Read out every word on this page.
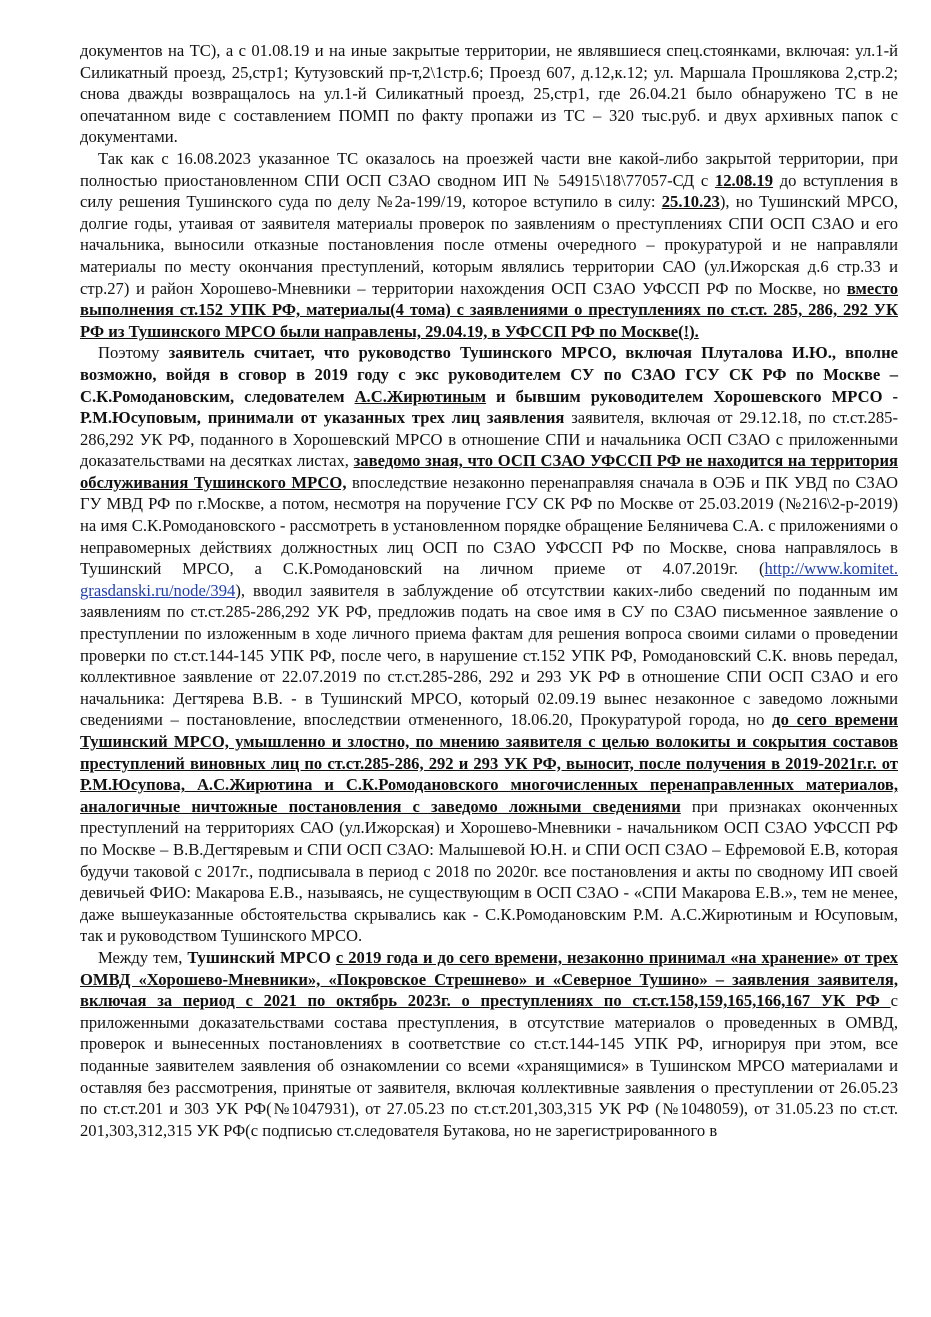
документов на ТС), а с 01.08.19 и на иные закрытые территории, не являвшиеся спец.стоянками, включая: ул.1-й Силикатный проезд, 25,стр1; Кутузовский пр-т,2\1стр.6; Проезд 607, д.12,к.12; ул. Маршала Прошлякова 2,стр.2; снова дважды возвращалось на ул.1-й Силикатный проезд, 25,стр1, где 26.04.21 было обнаружено ТС в не опечатанном виде с составлением ПОМП по факту пропажи из ТС – 320 тыс.руб. и двух архивных папок с документами.

Так как с 16.08.2023 указанное ТС оказалось на проезжей части вне какой-либо закрытой территории, при полностью приостановленном СПИ ОСП СЗАО сводном ИП № 54915\18\77057-СД с 12.08.19 до вступления в силу решения Тушинского суда по делу №2а-199/19, которое вступило в силу: 25.10.23), но Тушинский МРСО, долгие годы, утаивая от заявителя материалы проверок по заявлениям о преступлениях СПИ ОСП СЗАО и его начальника, выносили отказные постановления после отмены очередного – прокуратурой и не направляли материалы по месту окончания преступлений, которым являлись территории САО (ул.Ижорская д.6 стр.33 и стр.27) и район Хорошево-Мневники – территории нахождения ОСП СЗАО УФССП РФ по Москве, но вместо выполнения ст.152 УПК РФ, материалы(4 тома) с заявлениями о преступлениях по ст.ст. 285, 286, 292 УК РФ из Тушинского МРСО были направлены, 29.04.19, в УФССП РФ по Москве(!).

Поэтому заявитель считает, что руководство Тушинского МРСО, включая Плуталова И.Ю., вполне возможно, войдя в сговор в 2019 году с экс руководителем СУ по СЗАО ГСУ СК РФ по Москве – С.К.Ромодановским, следователем А.С.Жирютиным и бывшим руководителем Хорошевского МРСО - Р.М.Юсуповым, принимали от указанных трех лиц заявления заявителя, включая от 29.12.18, по ст.ст.285-286,292 УК РФ, поданного в Хорошевский МРСО в отношение СПИ и начальника ОСП СЗАО с приложенными доказательствами на десятках листах, заведомо зная, что ОСП СЗАО УФССП РФ не находится на территория обслуживания Тушинского МРСО, впоследствие незаконно перенаправляя сначала в ОЭБ и ПК УВД по СЗАО ГУ МВД РФ по г.Москве, а потом, несмотря на поручение ГСУ СК РФ по Москве от 25.03.2019 (№216\2-р-2019) на имя С.К.Ромодановского - рассмотреть в установленном порядке обращение Беляничева С.А. с приложениями о неправомерных действиях должностных лиц ОСП по СЗАО УФССП РФ по Москве, снова направлялось в Тушинский МРСО, а С.К.Ромодановский на личном приеме от 4.07.2019г. (http://www.komitet. grasdanski.ru/node/394), вводил заявителя в заблуждение об отсутствии каких-либо сведений по поданным им заявлениям по ст.ст.285-286,292 УК РФ, предложив подать на свое имя в СУ по СЗАО письменное заявление о преступлении по изложенным в ходе личного приема фактам для решения вопроса своими силами о проведении проверки по ст.ст.144-145 УПК РФ, после чего, в нарушение ст.152 УПК РФ, Ромодановский С.К. вновь передал, коллективное заявление от 22.07.2019 по ст.ст.285-286, 292 и 293 УК РФ в отношение СПИ ОСП СЗАО и его начальника: Дегтярева В.В. - в Тушинский МРСО, который 02.09.19 вынес незаконное с заведомо ложными сведениями – постановление, впоследствии отмененного, 18.06.20, Прокуратурой города, но до сего времени Тушинский МРСО, умышленно и злостно, по мнению заявителя с целью волокиты и сокрытия составов преступлений виновных лиц по ст.ст.285-286, 292 и 293 УК РФ, выносит, после получения в 2019-2021г.г. от Р.М.Юсупова, А.С.Жирютина и С.К.Ромодановского многочисленных перенаправленных материалов, аналогичные ничтожные постановления с заведомо ложными сведениями при признаках оконченных преступлений на территориях САО (ул.Ижорская) и Хорошево-Мневники - начальником ОСП СЗАО УФССП РФ по Москве – В.В.Дегтяревым и СПИ ОСП СЗАО: Малышевой Ю.Н. и СПИ ОСП СЗАО – Ефремовой Е.В, которая будучи таковой с 2017г., подписывала в период с 2018 по 2020г. все постановления и акты по сводному ИП своей девичьей ФИО: Макарова Е.В., называясь, не существующим в ОСП СЗАО - «СПИ Макарова Е.В.», тем не менее, даже вышеуказанные обстоятельства скрывались как - С.К.Ромодановским Р.М. А.С.Жирютиным и Юсуповым, так и руководством Тушинского МРСО.

Между тем, Тушинский МРСО с 2019 года и до сего времени, незаконно принимал «на хранение» от трех ОМВД «Хорошево-Мневники», «Покровское Стрешнево» и «Северное Тушино» – заявления заявителя, включая за период с 2021 по октябрь 2023г. о преступлениях по ст.ст.158,159,165,166,167 УК РФ с приложенными доказательствами состава преступления, в отсутствие материалов о проведенных в ОМВД, проверок и вынесенных постановлениях в соответствие со ст.ст.144-145 УПК РФ, игнорируя при этом, все поданные заявителем заявления об ознакомлении со всеми «хранящимися» в Тушинском МРСО материалами и оставляя без рассмотрения, принятые от заявителя, включая коллективные заявления о преступлении от 26.05.23 по ст.ст.201 и 303 УК РФ(№1047931), от 27.05.23 по ст.ст.201,303,315 УК РФ (№1048059), от 31.05.23 по ст.ст. 201,303,312,315 УК РФ(с подписью ст.следователя Бутакова, но не зарегистрированного в
